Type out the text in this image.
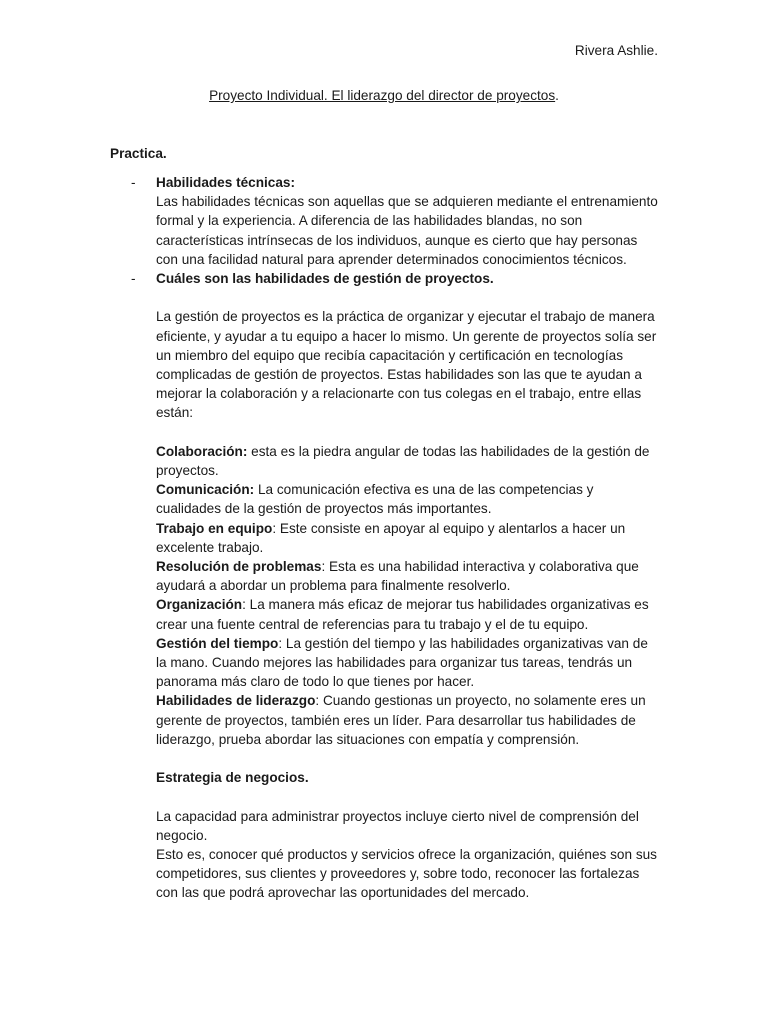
Rivera Ashlie.
Proyecto Individual. El liderazgo del director de proyectos.
Practica.
- Habilidades técnicas:

Las habilidades técnicas son aquellas que se adquieren mediante el entrenamiento formal y la experiencia. A diferencia de las habilidades blandas, no son características intrínsecas de los individuos, aunque es cierto que hay personas con una facilidad natural para aprender determinados conocimientos técnicos.

- Cuáles son las habilidades de gestión de proyectos.

La gestión de proyectos es la práctica de organizar y ejecutar el trabajo de manera eficiente, y ayudar a tu equipo a hacer lo mismo. Un gerente de proyectos solía ser un miembro del equipo que recibía capacitación y certificación en tecnologías complicadas de gestión de proyectos. Estas habilidades son las que te ayudan a mejorar la colaboración y a relacionarte con tus colegas en el trabajo, entre ellas están:

Colaboración: esta es la piedra angular de todas las habilidades de la gestión de proyectos.

Comunicación: La comunicación efectiva es una de las competencias y cualidades de la gestión de proyectos más importantes.

Trabajo en equipo: Este consiste en apoyar al equipo y alentarlos a hacer un excelente trabajo.

Resolución de problemas: Esta es una habilidad interactiva y colaborativa que ayudará a abordar un problema para finalmente resolverlo.

Organización: La manera más eficaz de mejorar tus habilidades organizativas es crear una fuente central de referencias para tu trabajo y el de tu equipo.

Gestión del tiempo: La gestión del tiempo y las habilidades organizativas van de la mano. Cuando mejores las habilidades para organizar tus tareas, tendrás un panorama más claro de todo lo que tienes por hacer.

Habilidades de liderazgo: Cuando gestionas un proyecto, no solamente eres un gerente de proyectos, también eres un líder. Para desarrollar tus habilidades de liderazgo, prueba abordar las situaciones con empatía y comprensión.

Estrategia de negocios.

La capacidad para administrar proyectos incluye cierto nivel de comprensión del negocio.

Esto es, conocer qué productos y servicios ofrece la organización, quiénes son sus competidores, sus clientes y proveedores y, sobre todo, reconocer las fortalezas con las que podrá aprovechar las oportunidades del mercado.
